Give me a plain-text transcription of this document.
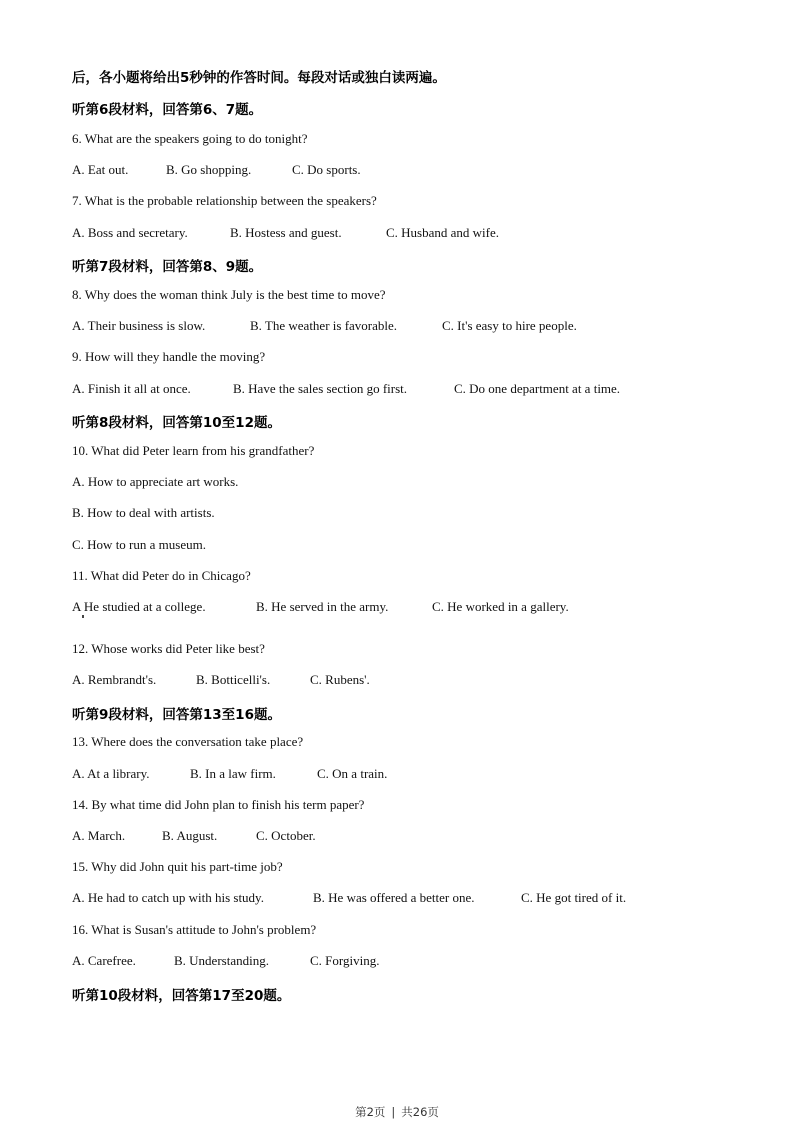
后，各小题将给出5秒钟的作答时间。每段对话或独白读两遍。
听第6段材料，回答第6、7题。
6. What are the speakers going to do tonight?
A. Eat out.	B. Go shopping.	C. Do sports.
7. What is the probable relationship between the speakers?
A. Boss and secretary.	B. Hostess and guest.	C. Husband and wife.
听第7段材料，回答第8、9题。
8. Why does the woman think July is the best time to move?
A. Their business is slow.	B. The weather is favorable.	C. It's easy to hire people.
9. How will they handle the moving?
A. Finish it all at once.	B. Have the sales section go first.	C. Do one department at a time.
听第8段材料，回答第10至12题。
10. What did Peter learn from his grandfather?
A. How to appreciate art works.
B. How to deal with artists.
C. How to run a museum.
11. What did Peter do in Chicago?
A He studied at a college.	B. He served in the army.	C. He worked in a gallery.
12. Whose works did Peter like best?
A. Rembrandt's.	B. Botticelli's.	C. Rubens'.
听第9段材料，回答第13至16题。
13. Where does the conversation take place?
A. At a library.	B. In a law firm.	C. On a train.
14. By what time did John plan to finish his term paper?
A. March.	B. August.	C. October.
15. Why did John quit his part-time job?
A. He had to catch up with his study.	B. He was offered a better one.	C. He got tired of it.
16. What is Susan's attitude to John's problem?
A. Carefree.	B. Understanding.	C. Forgiving.
听第10段材料，回答第17至20题。
第2页 | 共26页
